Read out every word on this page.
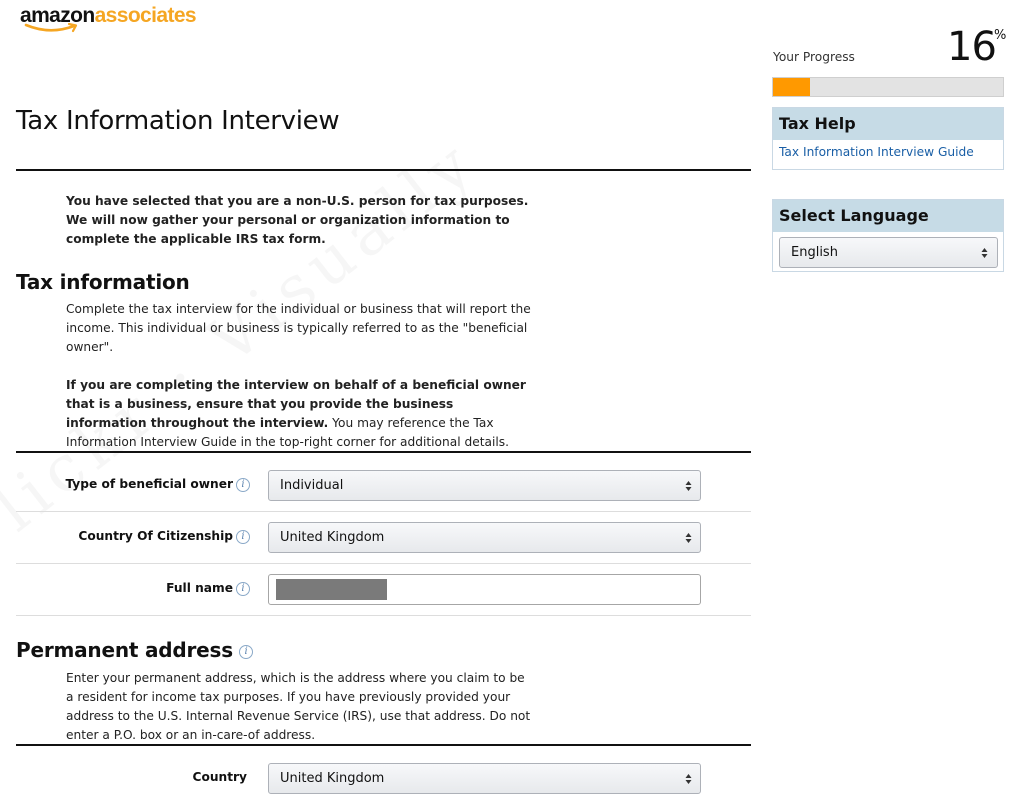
amazonassociates
Tax Information Interview
You have selected that you are a non-U.S. person for tax purposes. We will now gather your personal or organization information to complete the applicable IRS tax form.
Tax information
Complete the tax interview for the individual or business that will report the income. This individual or business is typically referred to as the "beneficial owner".
If you are completing the interview on behalf of a beneficial owner that is a business, ensure that you provide the business information throughout the interview. You may reference the Tax Information Interview Guide in the top-right corner for additional details.
Type of beneficial owner i	Individual
Country Of Citizenship i	United Kingdom
Full name i
Permanent address i
Enter your permanent address, which is the address where you claim to be a resident for income tax purposes. If you have previously provided your address to the U.S. Internal Revenue Service (IRS), use that address. Do not enter a P.O. box or an in-care-of address.
Country	United Kingdom
Your Progress 16
%
Tax Help
Tax Information Interview Guide
Select Language
English
